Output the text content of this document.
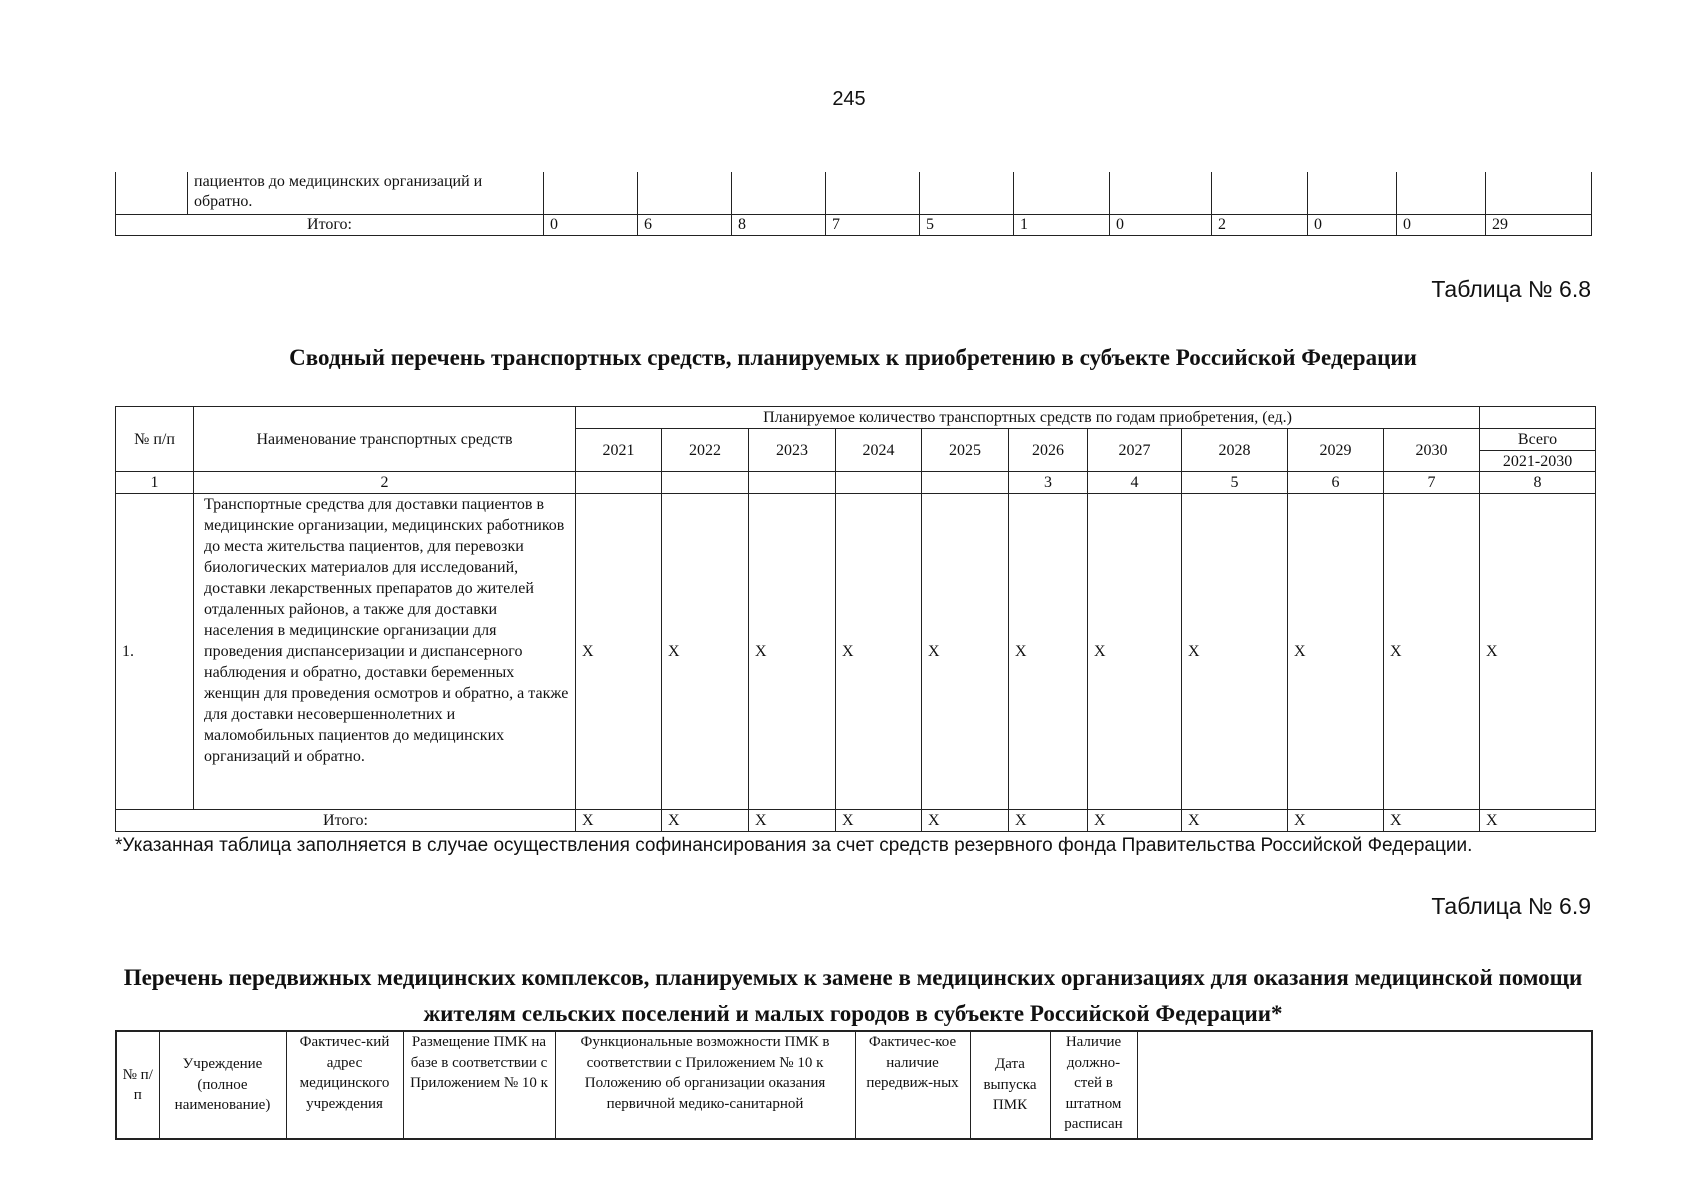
245
	пациентов до медицинских организаций и обратно.											
Итого:		0	6	8	7	5	1	0	2	0	0	29
Таблица № 6.8
Сводный перечень транспортных средств, планируемых к приобретению в субъекте Российской Федерации
№ п/п	Наименование транспортных средств	Планируемое количество транспортных средств по годам приобретения, (ед.)										
		2021	2022	2023	2024	2025	2026	2027	2028	2029	2030	Всего
2021-2030

1	2						3	4	5	6	7	8
1.	Транспортные средства для доставки пациентов в медицинские организации, медицинских работников до места жительства пациентов, для перевозки биологических материалов для исследований, доставки лекарственных препаратов до жителей отдаленных районов, а также для доставки населения в медицинские организации для проведения диспансеризации и диспансерного наблюдения и обратно, доставки беременных женщин для проведения осмотров и обратно, а также для доставки несовершеннолетних и маломобильных пациентов до медицинских организаций и обратно.	X	X	X	X	X	X	X	X	X	X	X
Итого:		X	X	X	X	X	X	X	X	X	X	X
*Указанная таблица заполняется в случае осуществления софинансирования за счет средств резервного фонда Правительства Российской Федерации.
Таблица № 6.9
Перечень передвижных медицинских комплексов, планируемых к замене в медицинских организациях для оказания медицинской помощи жителям сельских поселений и малых городов в субъекте Российской Федерации*
№ п/п	Учреждение (полное наименование)	Фактичес-кий адрес медицинского учреждения	Размещение ПМК на базе в соответствии с Приложением № 10 к	Функциональные возможности ПМК в соответствии с Приложением № 10 к Положению об организации оказания первичной медико-санитарной	Фактичес-кое наличие передвиж-ных	Дата выпуска ПМК	Наличие должно-стей в штатном расписан	
